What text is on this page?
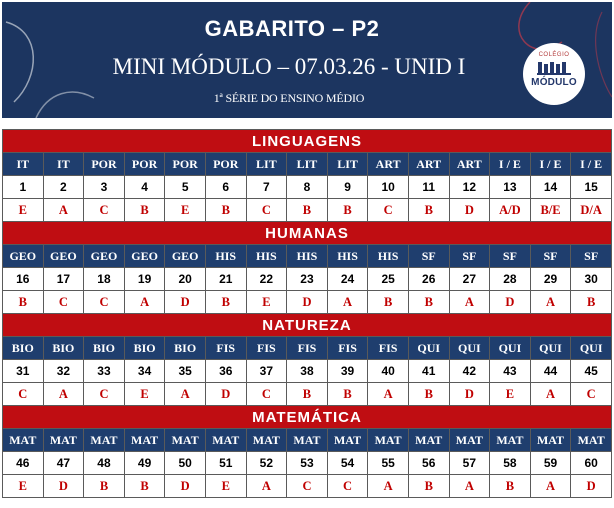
GABARITO – P2
MINI MÓDULO – 07.03.26 - UNID I
1ª SÉRIE DO ENSINO MÉDIO
COLÉGIO
MÓDULO
LINGUAGENS														
IT	IT	POR	POR	POR	POR	LIT	LIT	LIT	ART	ART	ART	I / E	I / E	I / E
1	2	3	4	5	6	7	8	9	10	11	12	13	14	15
E	A	C	B	E	B	C	B	B	C	B	D	A/D	B/E	D/A
HUMANAS														
GEO	GEO	GEO	GEO	GEO	HIS	HIS	HIS	HIS	HIS	SF	SF	SF	SF	SF
16	17	18	19	20	21	22	23	24	25	26	27	28	29	30
B	C	C	A	D	B	E	D	A	B	B	A	D	A	B
NATUREZA														
BIO	BIO	BIO	BIO	BIO	FIS	FIS	FIS	FIS	FIS	QUI	QUI	QUI	QUI	QUI
31	32	33	34	35	36	37	38	39	40	41	42	43	44	45
C	A	C	E	A	D	C	B	B	A	B	D	E	A	C
MATEMÁTICA														
MAT	MAT	MAT	MAT	MAT	MAT	MAT	MAT	MAT	MAT	MAT	MAT	MAT	MAT	MAT
46	47	48	49	50	51	52	53	54	55	56	57	58	59	60
E	D	B	B	D	E	A	C	C	A	B	A	B	A	D
